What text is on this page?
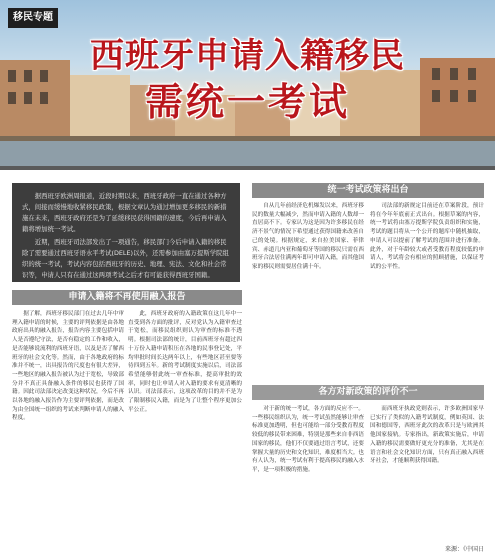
移民专题
西班牙申请入籍移民
需统一考试

据西班牙欧洲周报道，近段时期以来，西班牙政府一直在通过各种方式，间接而缓慢地收紧移民政策，根据文章认为通过增加更多移民的新措施在未来，西班牙政府还是为了延缓移民获得国籍的速度，今后再申请入籍将增加统一考试。

近期，西班牙司法部发出了一项通告，移民部门今后申请入籍的移民除了需要通过西班牙语水平考试(DELE)以外，还需参加由塞万提斯学院组织的统一考试，考试内容包括西班牙的历史、地理、宪法、文化和社会常识等，申请人只有在通过这两项考试之后才有可能获得西班牙国籍。

申请入籍将不再使用融入报告
统一考试政策将出台
各方对新政策的评价不一

据了解，西班牙移民部门在过去几年中审理入籍申请的时候，主要的评判依据是由各地政府出具的融入报告，报告内容主要包括申请人是否遵纪守法，是否有稳定的工作和收入，是否能够说流利的西班牙语，以及是否了解西班牙的社会文化等。然而，由于各地政府的标准并不统一，出具报告的尺度也有很大差异，一些地区的融入报告被认为过于宽松，导致部分并不真正具备融入条件的移民也获得了国籍。因此司法部决定改变这种状况，今后不再以各地的融入报告作为主要评判依据，而是改为由全国统一组织的考试来判断申请人的融入程度。

此，西班牙政府的入籍政策在这几年中一直受到各方面的批评，反对党认为入籍审查过于宽松，而移民组织则认为审查的标准不透明。根据司法部的统计，目前西班牙有超过四十万份入籍申请积压在各地的民事登记处，平均审批时间长达两年以上，有些地区甚至要等待四到五年。新的考试制度实施以后，司法部希望能够借此统一审查标准，提高审批的效率，同时也让申请人对入籍的要求有更清晰的认识。司法部表示，这项改革的目的并不是为了限制移民入籍，而是为了让整个程序更加公平公正。

自从几年前经济危机爆发以来，西班牙移民的数量大幅减少，然而申请入籍的人数却一直居高不下。专家认为这是因为许多移民在经济不景气的情况下希望通过获得国籍来改善自己的处境。根据规定，来自拉美国家、菲律宾、赤道几内亚和葡萄牙等国的移民只需在西班牙合法居住满两年即可申请入籍，而其他国家的移民则需要居住满十年。

司法部的新规定目前还在草案阶段，预计将在今年年底前正式出台。根据草案的内容，统一考试将由塞万提斯学院负责组织和实施，考试的题目将从一个公开的题库中随机抽取，申请人可以提前了解考试的范围并进行准备。此外，对于年龄较大或者受教育程度较低的申请人，考试将会有相应的照顾措施，以保证考试的公平性。

对于新的统一考试，各方面的反应不一。一些移民组织认为，统一考试虽然能够让审查标准更加透明，但也可能给一部分受教育程度较低的移民带来困难，特别是那些来自非西语国家的移民，他们不仅要通过语言考试，还要掌握大量的历史和文化知识，难度相当大。也有人认为，统一考试有利于提高移民的融入水平，是一项积极的措施。

而西班牙执政党则表示，许多欧洲国家早已实行了类似的入籍考试制度，例如英国、法国和德国等，西班牙此次的改革只是与欧洲其他国家接轨。专家指出，新政策实施后，申请入籍的移民需要做好更充分的准备，尤其是在语言和社会文化知识方面，只有真正融入西班牙社会，才能顺利获得国籍。

来源：《中国日
